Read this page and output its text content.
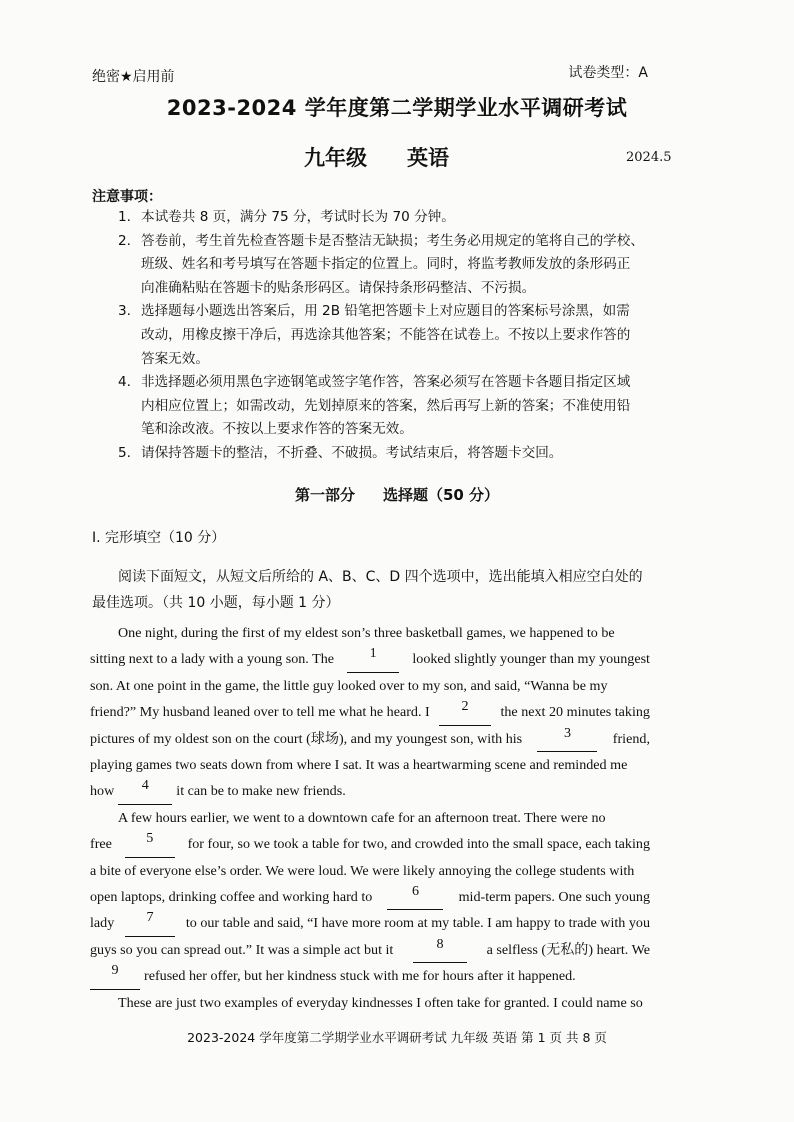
绝密★启用前	试卷类型：A
2023-2024 学年度第二学期学业水平调研考试
九年级 英语	2024.5
注意事项：
1. 本试卷共 8 页，满分 75 分，考试时长为 70 分钟。
2. 答卷前，考生首先检查答题卡是否整洁无缺损；考生务必用规定的笔将自己的学校、
班级、姓名和考号填写在答题卡指定的位置上。同时，将监考教师发放的条形码正
向准确粘贴在答题卡的贴条形码区。请保持条形码整洁、不污损。
3. 选择题每小题选出答案后，用 2B 铅笔把答题卡上对应题目的答案标号涂黑，如需
改动，用橡皮擦干净后，再选涂其他答案；不能答在试卷上。不按以上要求作答的
答案无效。
4. 非选择题必须用黑色字迹钢笔或签字笔作答，答案必须写在答题卡各题目指定区域
内相应位置上；如需改动，先划掉原来的答案，然后再写上新的答案；不准使用铅
笔和涂改液。不按以上要求作答的答案无效。
5. 请保持答题卡的整洁，不折叠、不破损。考试结束后，将答题卡交回。
第一部分 选择题（50 分）
I. 完形填空（10 分）
阅读下面短文，从短文后所给的 A、B、C、D 四个选项中，选出能填入相应空白处的最佳选项。（共 10 小题，每小题 1 分）
One night, during the first of my eldest son’s three basketball games, we happened to be
sitting next to a lady with a young son. The	1	looked slightly younger than my youngest
son. At one point in the game, the little guy looked over to my son, and said, “Wanna be my
friend?” My husband leaned over to tell me what he heard. I	2	the next 20 minutes taking
pictures of my oldest son on the court (球场), and my youngest son, with his	3	friend,
playing games two seats down from where I sat. It was a heartwarming scene and reminded me
how	4	it can be to make new friends.
A few hours earlier, we went to a downtown cafe for an afternoon treat. There were no
free	5	for four, so we took a table for two, and crowded into the small space, each taking
a bite of everyone else’s order. We were loud. We were likely annoying the college students with
open laptops, drinking coffee and working hard to	6	mid-term papers. One such young
lady	7	to our table and said, “I have more room at my table. I am happy to trade with you
guys so you can spread out.” It was a simple act but it	8	a selfless (无私的) heart. We
9	refused her offer, but her kindness stuck with me for hours after it happened.
These are just two examples of everyday kindnesses I often take for granted. I could name so
2023-2024 学年度第二学期学业水平调研考试 九年级 英语 第 1 页 共 8 页
